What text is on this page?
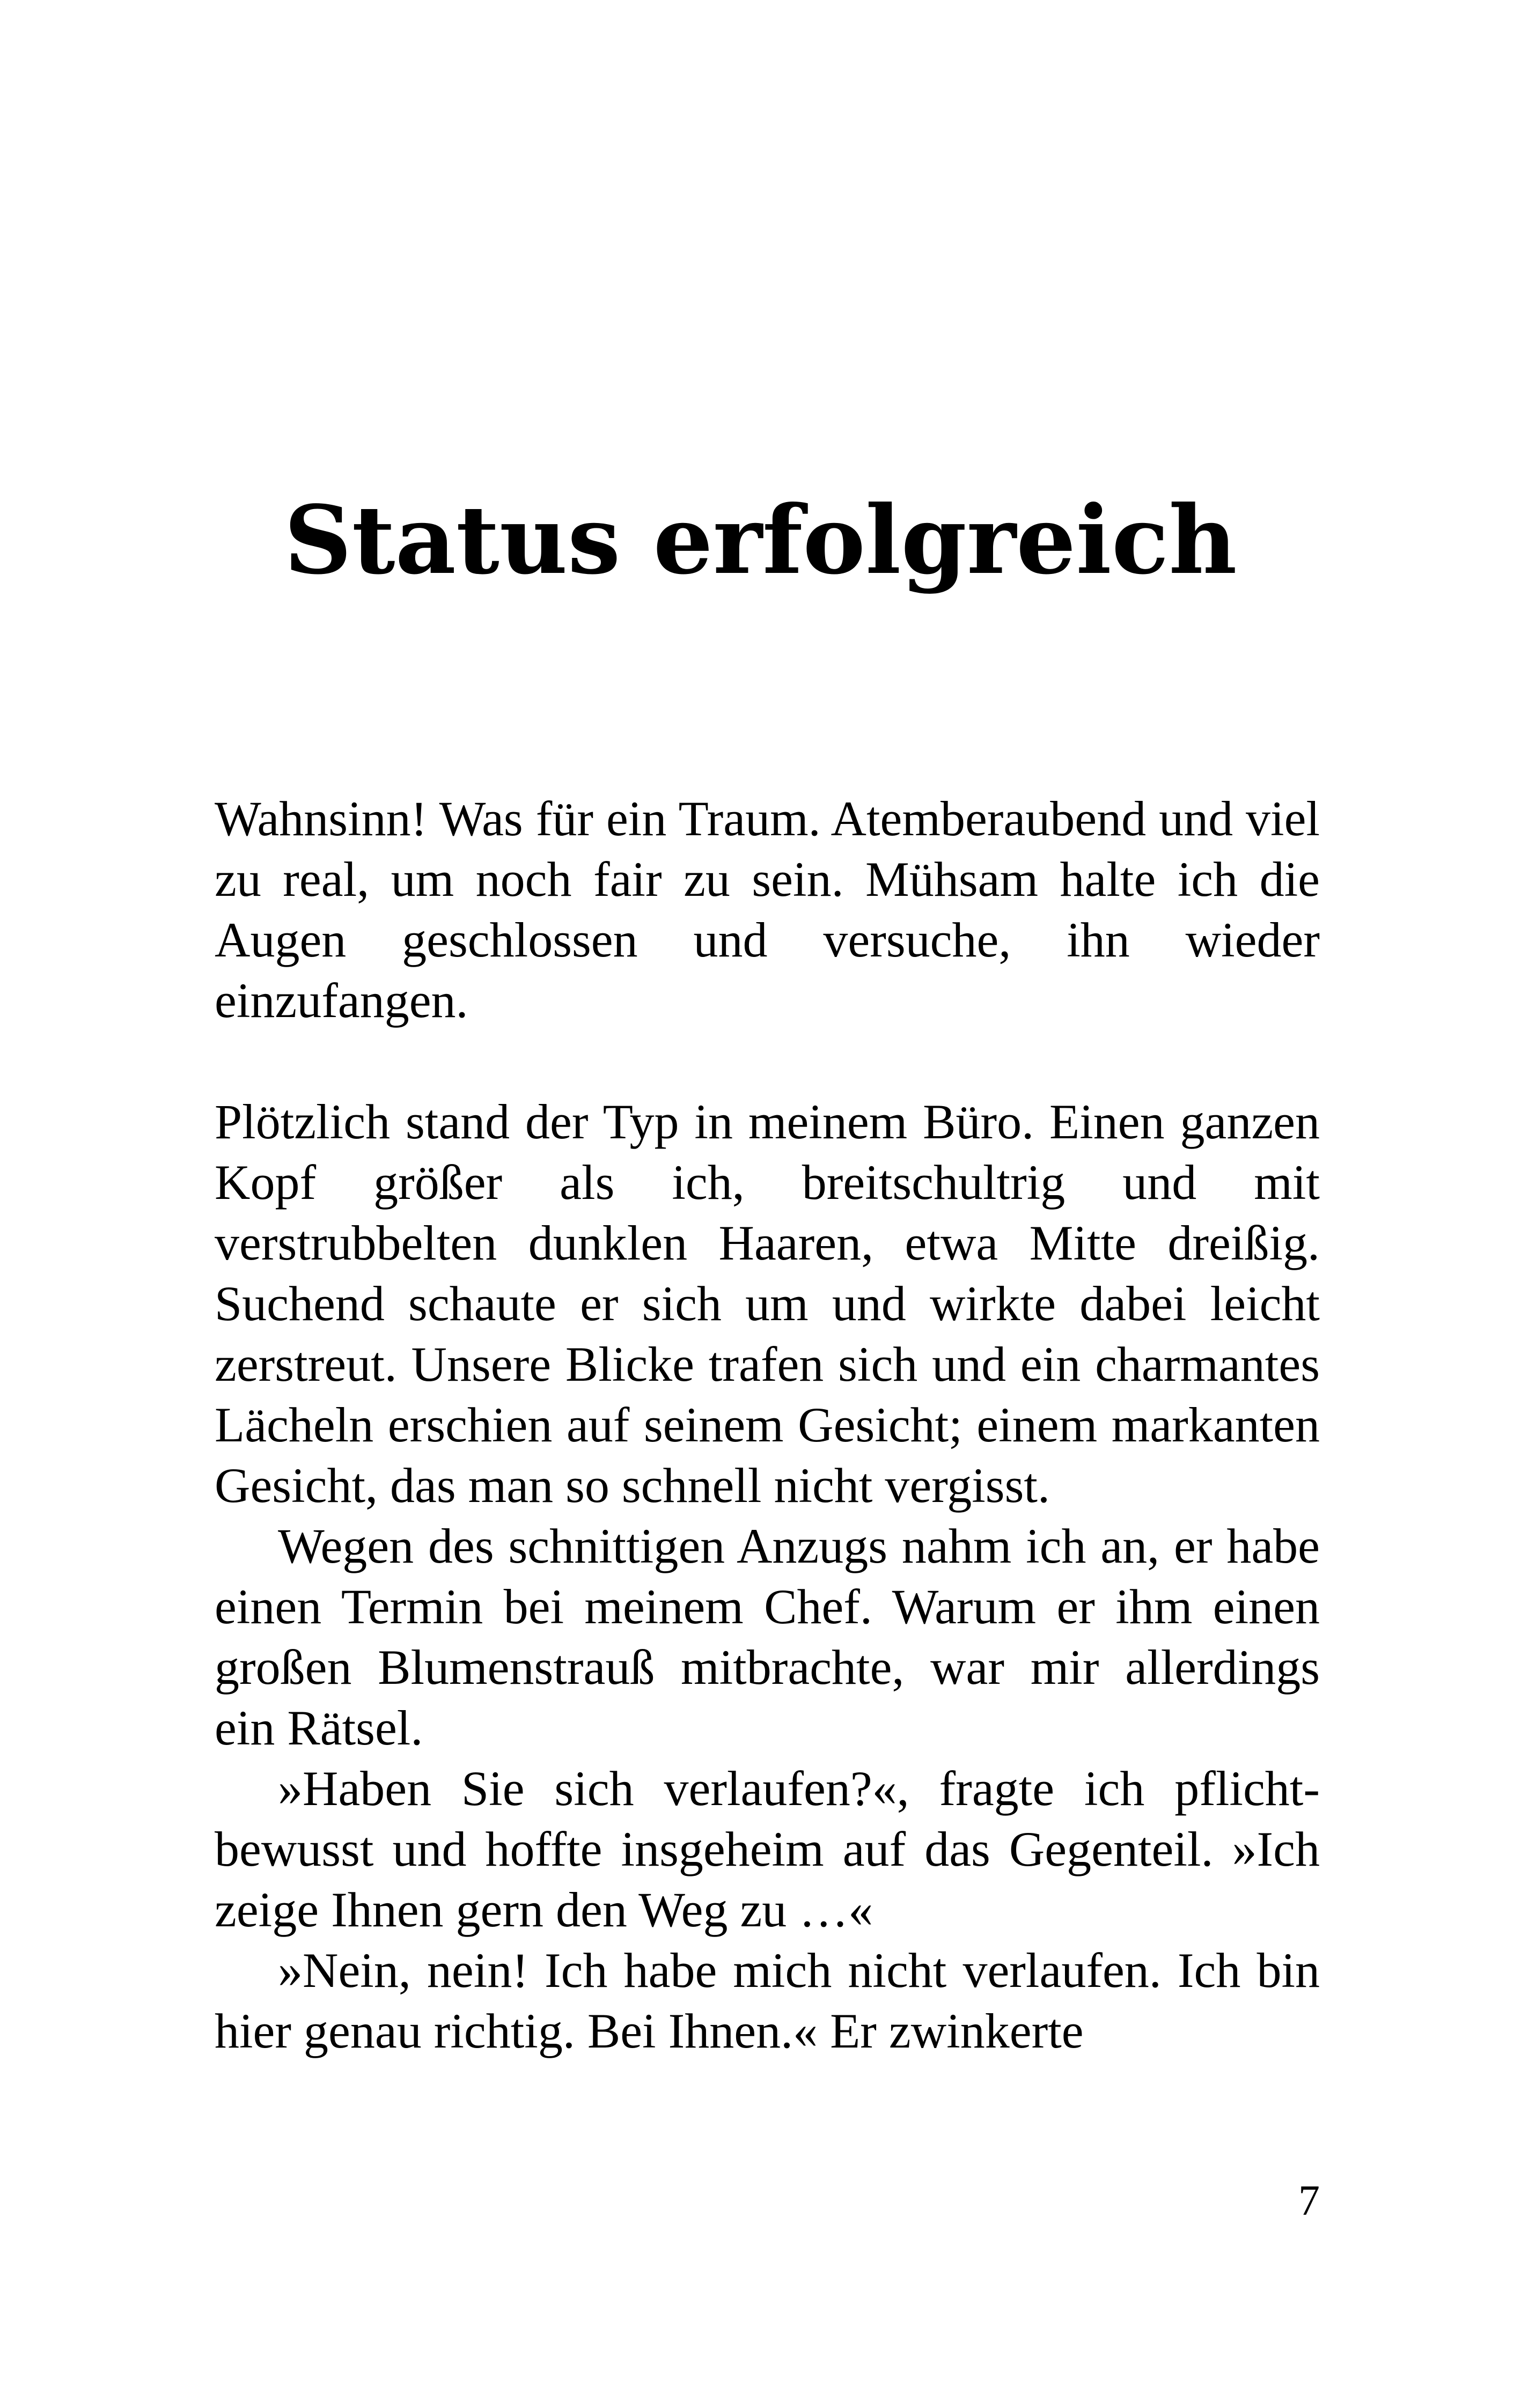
Status erfolgreich

Wahnsinn! Was für ein Traum. Atemberaubend und viel zu real, um noch fair zu sein. Mühsam halte ich die Augen geschlossen und versuche, ihn wieder einzufangen.

Plötzlich stand der Typ in meinem Büro. Einen ganzen Kopf größer als ich, breitschultrig und mit verstrubbelten dunklen Haaren, etwa Mitte dreißig. Suchend schaute er sich um und wirkte dabei leicht zerstreut. Unsere Blicke trafen sich und ein charmantes Lächeln erschien auf seinem Gesicht; einem markanten Gesicht, das man so schnell nicht vergisst.

Wegen des schnittigen Anzugs nahm ich an, er habe einen Termin bei meinem Chef. Warum er ihm einen großen Blumenstrauß mitbrachte, war mir allerdings ein Rätsel.

»Haben Sie sich verlaufen?«, fragte ich pflichtbewusst und hoffte insgeheim auf das Gegenteil. »Ich zeige Ihnen gern den Weg zu …«

»Nein, nein! Ich habe mich nicht verlaufen. Ich bin hier genau richtig. Bei Ihnen.« Er zwinkerte

7
